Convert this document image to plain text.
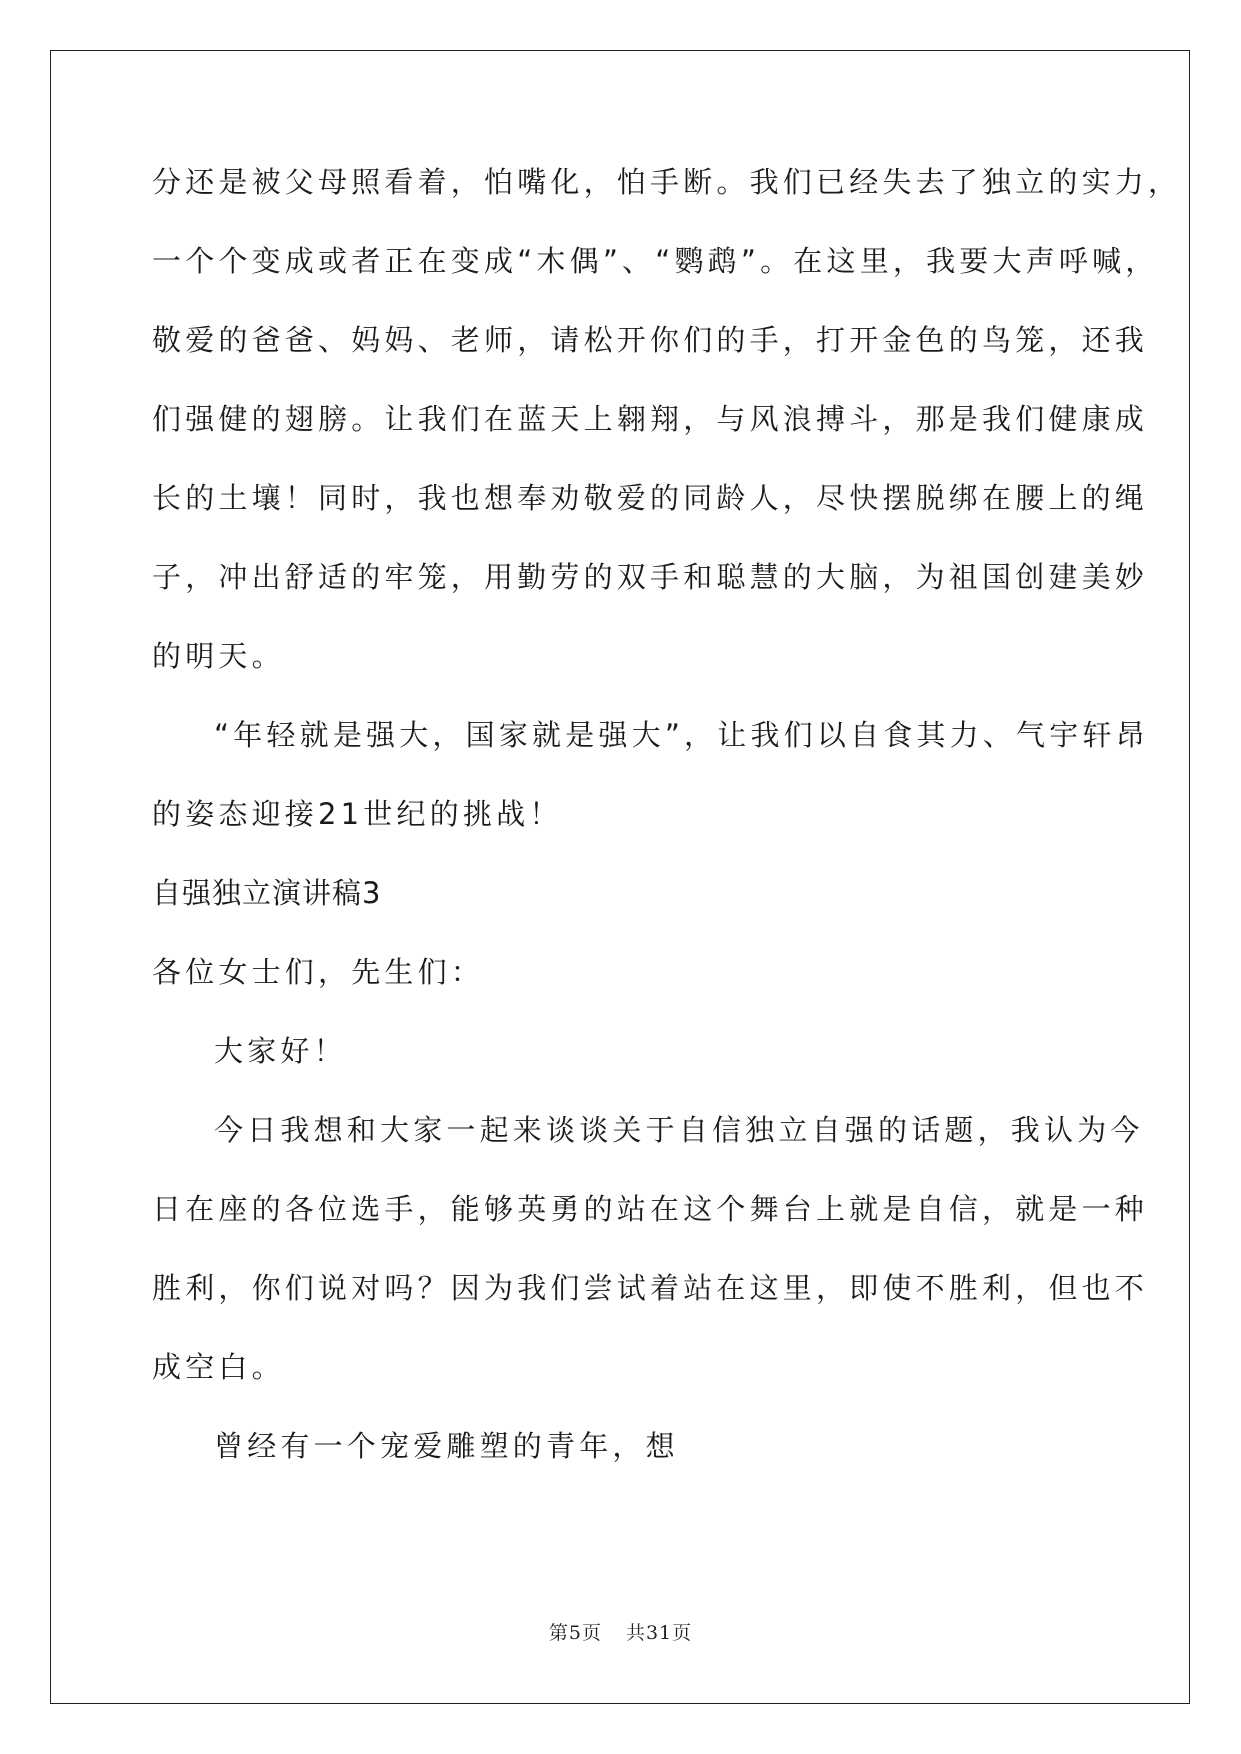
分还是被父母照看着，怕嘴化，怕手断。我们已经失去了独立的实力，
一个个变成或者正在变成“木偶”、“鹦鹉”。在这里，我要大声呼喊，
敬爱的爸爸、妈妈、老师，请松开你们的手，打开金色的鸟笼，还我
们强健的翅膀。让我们在蓝天上翱翔，与风浪搏斗，那是我们健康成
长的土壤！同时，我也想奉劝敬爱的同龄人，尽快摆脱绑在腰上的绳
子，冲出舒适的牢笼，用勤劳的双手和聪慧的大脑，为祖国创建美妙
的明天。
“年轻就是强大，国家就是强大”，让我们以自食其力、气宇轩昂
的姿态迎接21世纪的挑战！
自强独立演讲稿3
各位女士们，先生们：
大家好！
今日我想和大家一起来谈谈关于自信独立自强的话题，我认为今
日在座的各位选手，能够英勇的站在这个舞台上就是自信，就是一种
胜利，你们说对吗？因为我们尝试着站在这里，即使不胜利，但也不
成空白。
曾经有一个宠爱雕塑的青年，想
第5页 共31页
